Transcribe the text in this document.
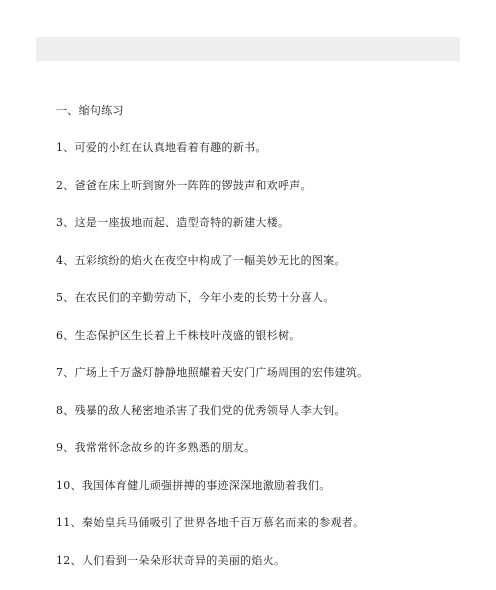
一、缩句练习
1、可爱的小红在认真地看着有趣的新书。
2、爸爸在床上听到窗外一阵阵的锣鼓声和欢呼声。
3、这是一座拔地而起、造型奇特的新建大楼。
4、五彩缤纷的焰火在夜空中构成了一幅美妙无比的图案。
5、在农民们的辛勤劳动下，今年小麦的长势十分喜人。
6、生态保护区生长着上千株枝叶茂盛的银杉树。
7、广场上千万盏灯静静地照耀着天安门广场周围的宏伟建筑。
8、残暴的敌人秘密地杀害了我们党的优秀领导人李大钊。
9、我常常怀念故乡的许多熟悉的朋友。
10、我国体育健儿顽强拼搏的事迹深深地激励着我们。
11、秦始皇兵马俑吸引了世界各地千百万慕名而来的参观者。
12、人们看到一朵朵形状奇异的美丽的焰火。
